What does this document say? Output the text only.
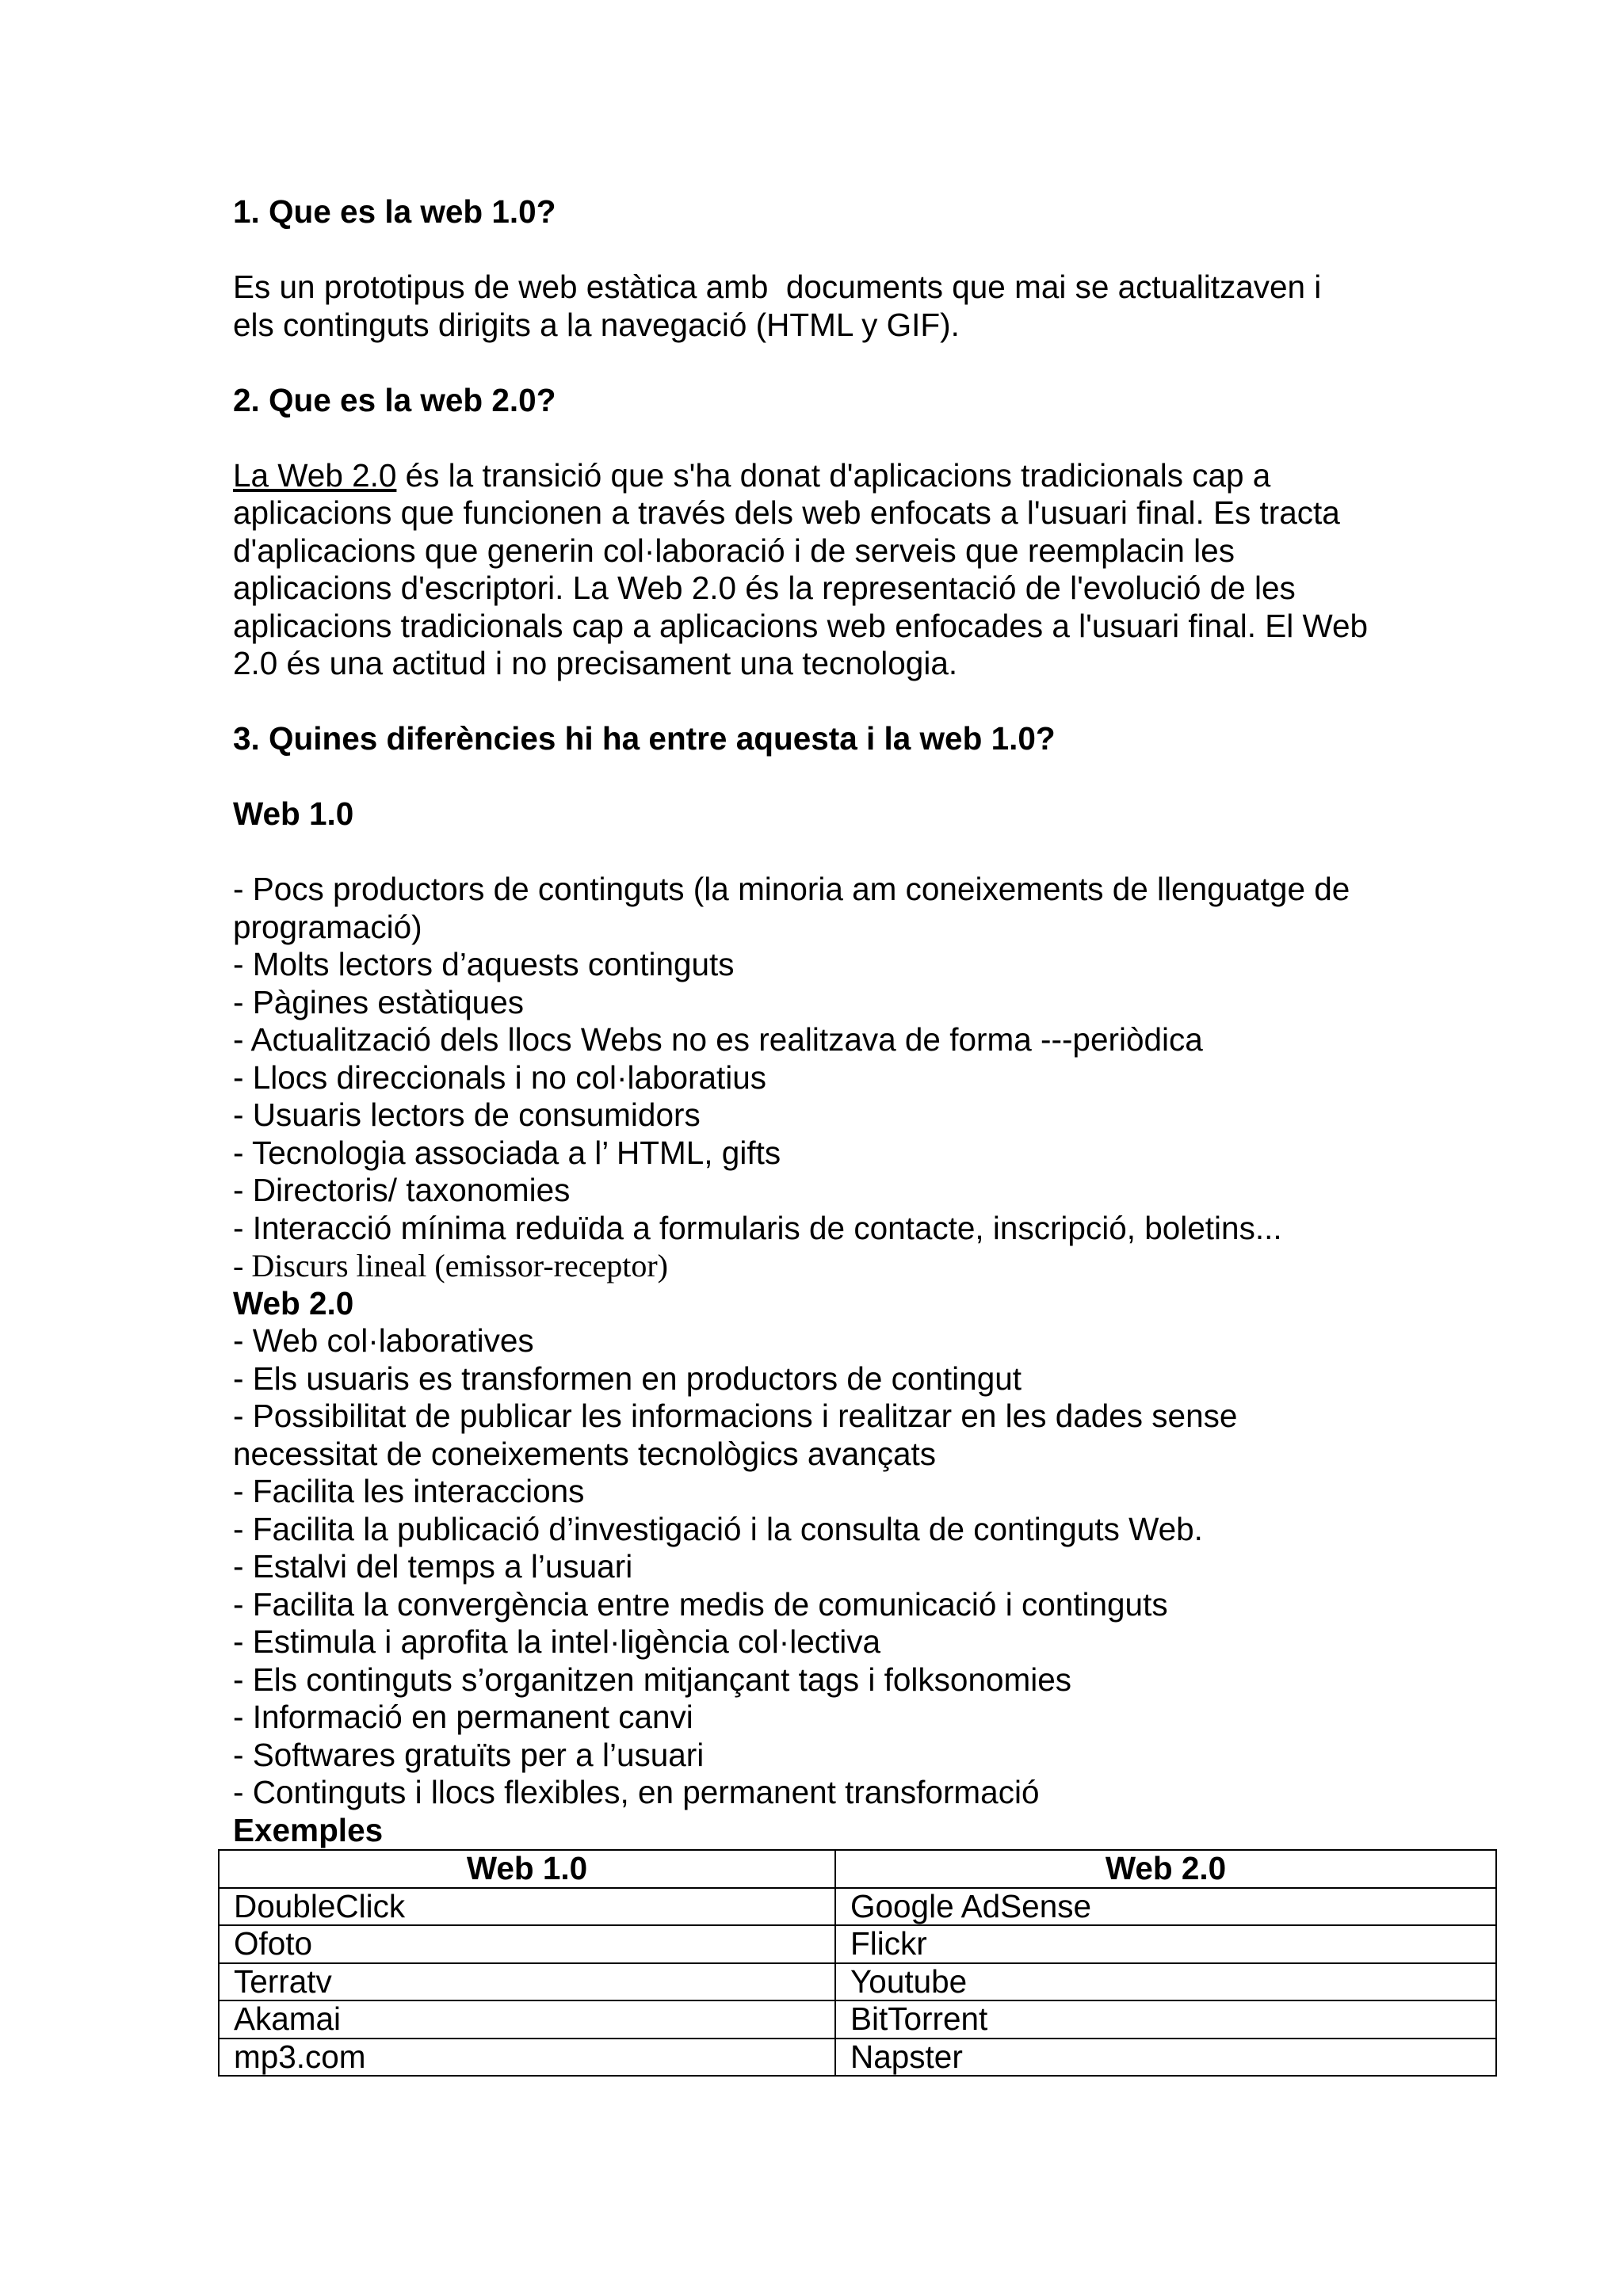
1. Que es la web 1.0?

Es un prototipus de web estàtica amb  documents que mai se actualitzaven i

els continguts dirigits a la navegació (HTML y GIF).

2. Que es la web 2.0?

La Web 2.0 és la transició que s'ha donat d'aplicacions tradicionals cap a

aplicacions que funcionen a través dels web enfocats a l'usuari final. Es tracta

d'aplicacions que generin col·laboració i de serveis que reemplacin les

aplicacions d'escriptori. La Web 2.0 és la representació de l'evolució de les

aplicacions tradicionals cap a aplicacions web enfocades a l'usuari final. El Web

2.0 és una actitud i no precisament una tecnologia.

3. Quines diferències hi ha entre aquesta i la web 1.0?

Web 1.0

- Pocs productors de continguts (la minoria am coneixements de llenguatge de

programació)

- Molts lectors d’aquests continguts

- Pàgines estàtiques

- Actualització dels llocs Webs no es realitzava de forma ---periòdica

- Llocs direccionals i no col·laboratius

- Usuaris lectors de consumidors

- Tecnologia associada a l’ HTML, gifts

- Directoris/ taxonomies

- Interacció mínima reduïda a formularis de contacte, inscripció, boletins...

- Discurs lineal (emissor-receptor)

Web 2.0

- Web col·laboratives

- Els usuaris es transformen en productors de contingut

- Possibilitat de publicar les informacions i realitzar en les dades sense

necessitat de coneixements tecnològics avançats

- Facilita les interaccions

- Facilita la publicació d’investigació i la consulta de continguts Web.

- Estalvi del temps a l’usuari

- Facilita la convergència entre medis de comunicació i continguts

- Estimula i aprofita la intel·ligència col·lectiva

- Els continguts s’organitzen mitjançant tags i folksonomies

- Informació en permanent canvi

- Softwares gratuïts per a l’usuari

- Continguts i llocs flexibles, en permanent transformació

Exemples

Web 1.0	Web 2.0
DoubleClick	Google AdSense
Ofoto	Flickr
Terratv	Youtube
Akamai	BitTorrent
mp3.com	Napster
